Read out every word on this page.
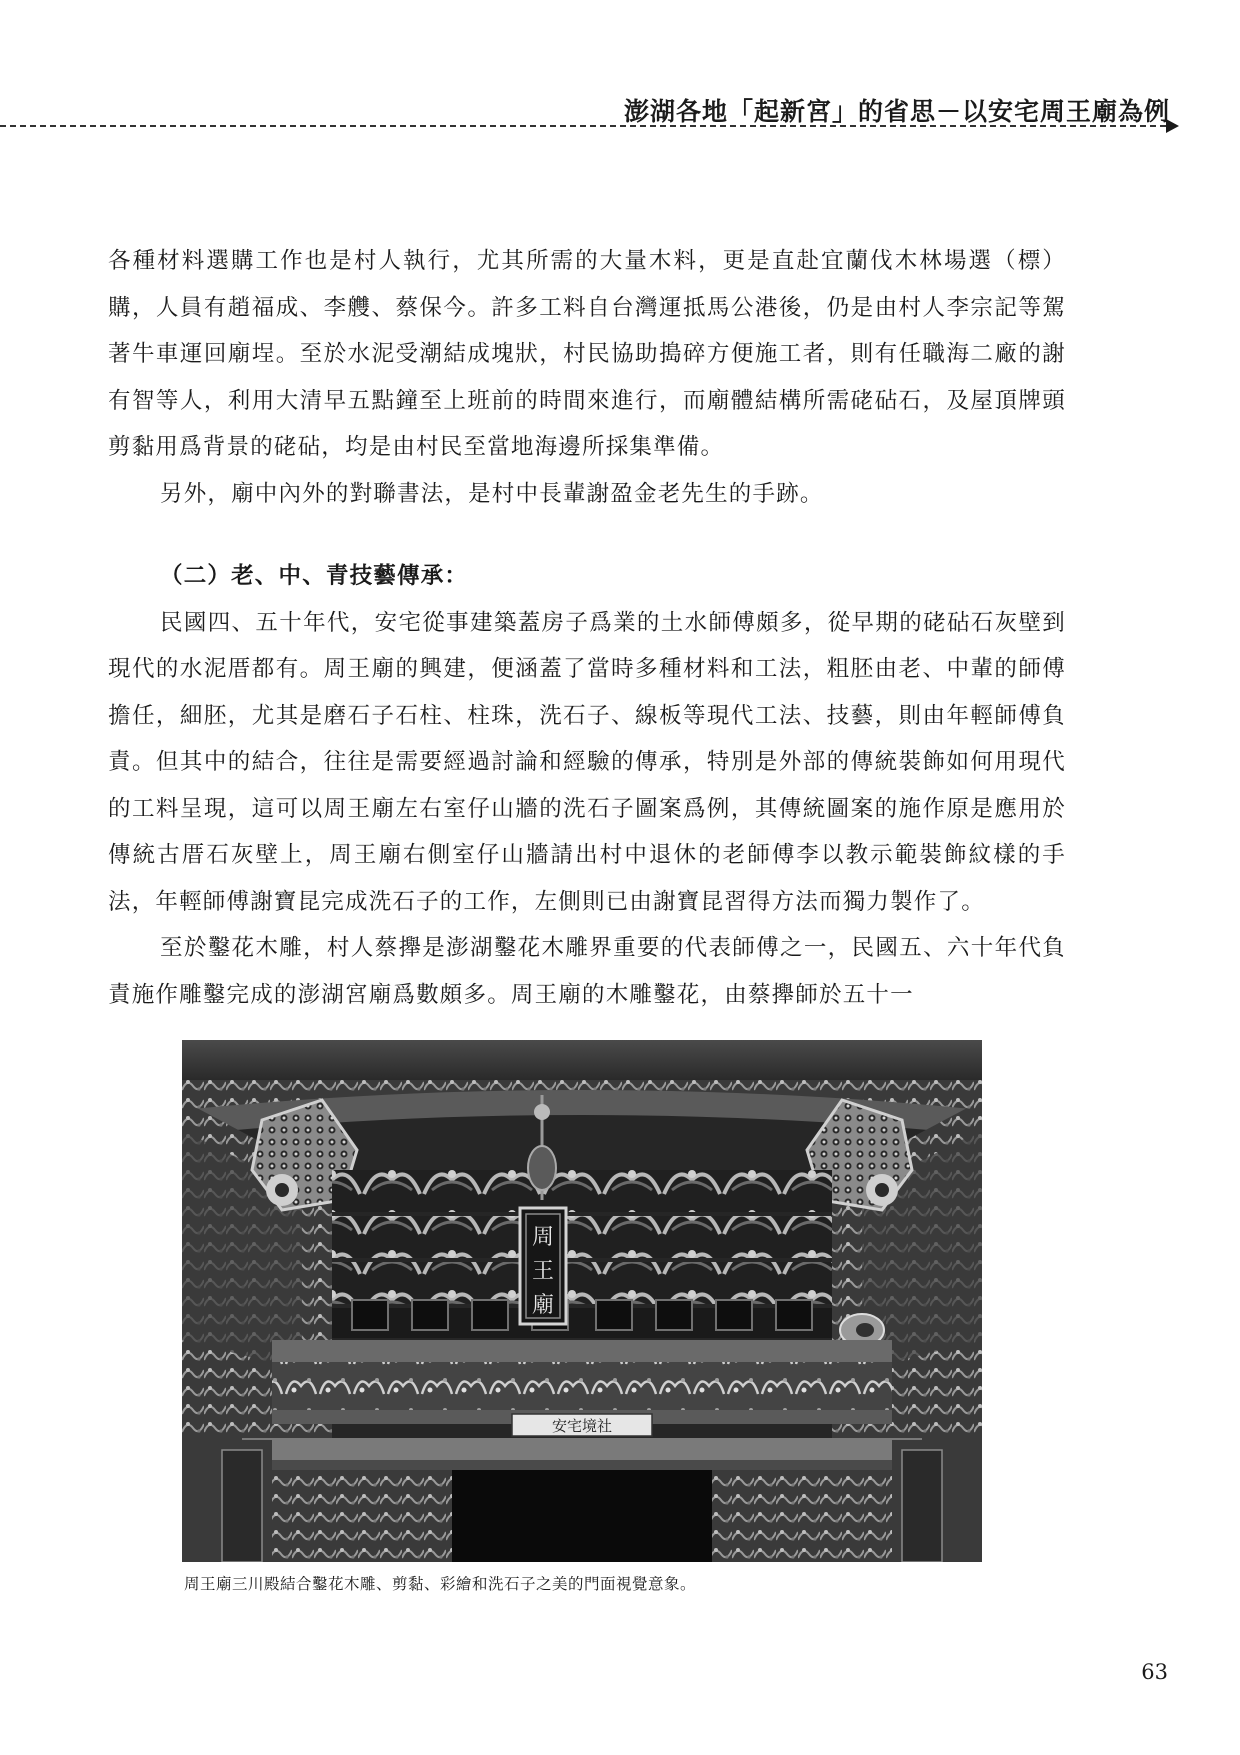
澎湖各地「起新宮」的省思－以安宅周王廟為例

各種材料選購工作也是村人執行，尤其所需的大量木料，更是直赴宜蘭伐木林場選（標）購，人員有趙福成、李艭、蔡保今。許多工料自台灣運抵馬公港後，仍是由村人李宗記等駕著牛車運回廟埕。至於水泥受潮結成塊狀，村民協助搗碎方便施工者，則有任職海二廠的謝有智等人，利用大清早五點鐘至上班前的時間來進行，而廟體結構所需硓砧石，及屋頂牌頭剪黏用爲背景的硓砧，均是由村民至當地海邊所採集準備。

另外，廟中內外的對聯書法，是村中長輩謝盈金老先生的手跡。

（二）老、中、青技藝傳承：

民國四、五十年代，安宅從事建築蓋房子爲業的土水師傅頗多，從早期的硓砧石灰壁到現代的水泥厝都有。周王廟的興建，便涵蓋了當時多種材料和工法，粗胚由老、中輩的師傅擔任，細胚，尤其是磨石子石柱、柱珠，洗石子、線板等現代工法、技藝，則由年輕師傅負責。但其中的結合，往往是需要經過討論和經驗的傳承，特別是外部的傳統裝飾如何用現代的工料呈現，這可以周王廟左右室仔山牆的洗石子圖案爲例，其傳統圖案的施作原是應用於傳統古厝石灰壁上，周王廟右側室仔山牆請出村中退休的老師傅李以教示範裝飾紋樣的手法，年輕師傅謝寶昆完成洗石子的工作，左側則已由謝寶昆習得方法而獨力製作了。

至於鑿花木雕，村人蔡攑是澎湖鑿花木雕界重要的代表師傅之一，民國五、六十年代負責施作雕鑿完成的澎湖宮廟爲數頗多。周王廟的木雕鑿花，由蔡攑師於五十一

周
王
廟
安宅境社
周王廟三川殿結合鑿花木雕、剪黏、彩繪和洗石子之美的門面視覺意象。
63
